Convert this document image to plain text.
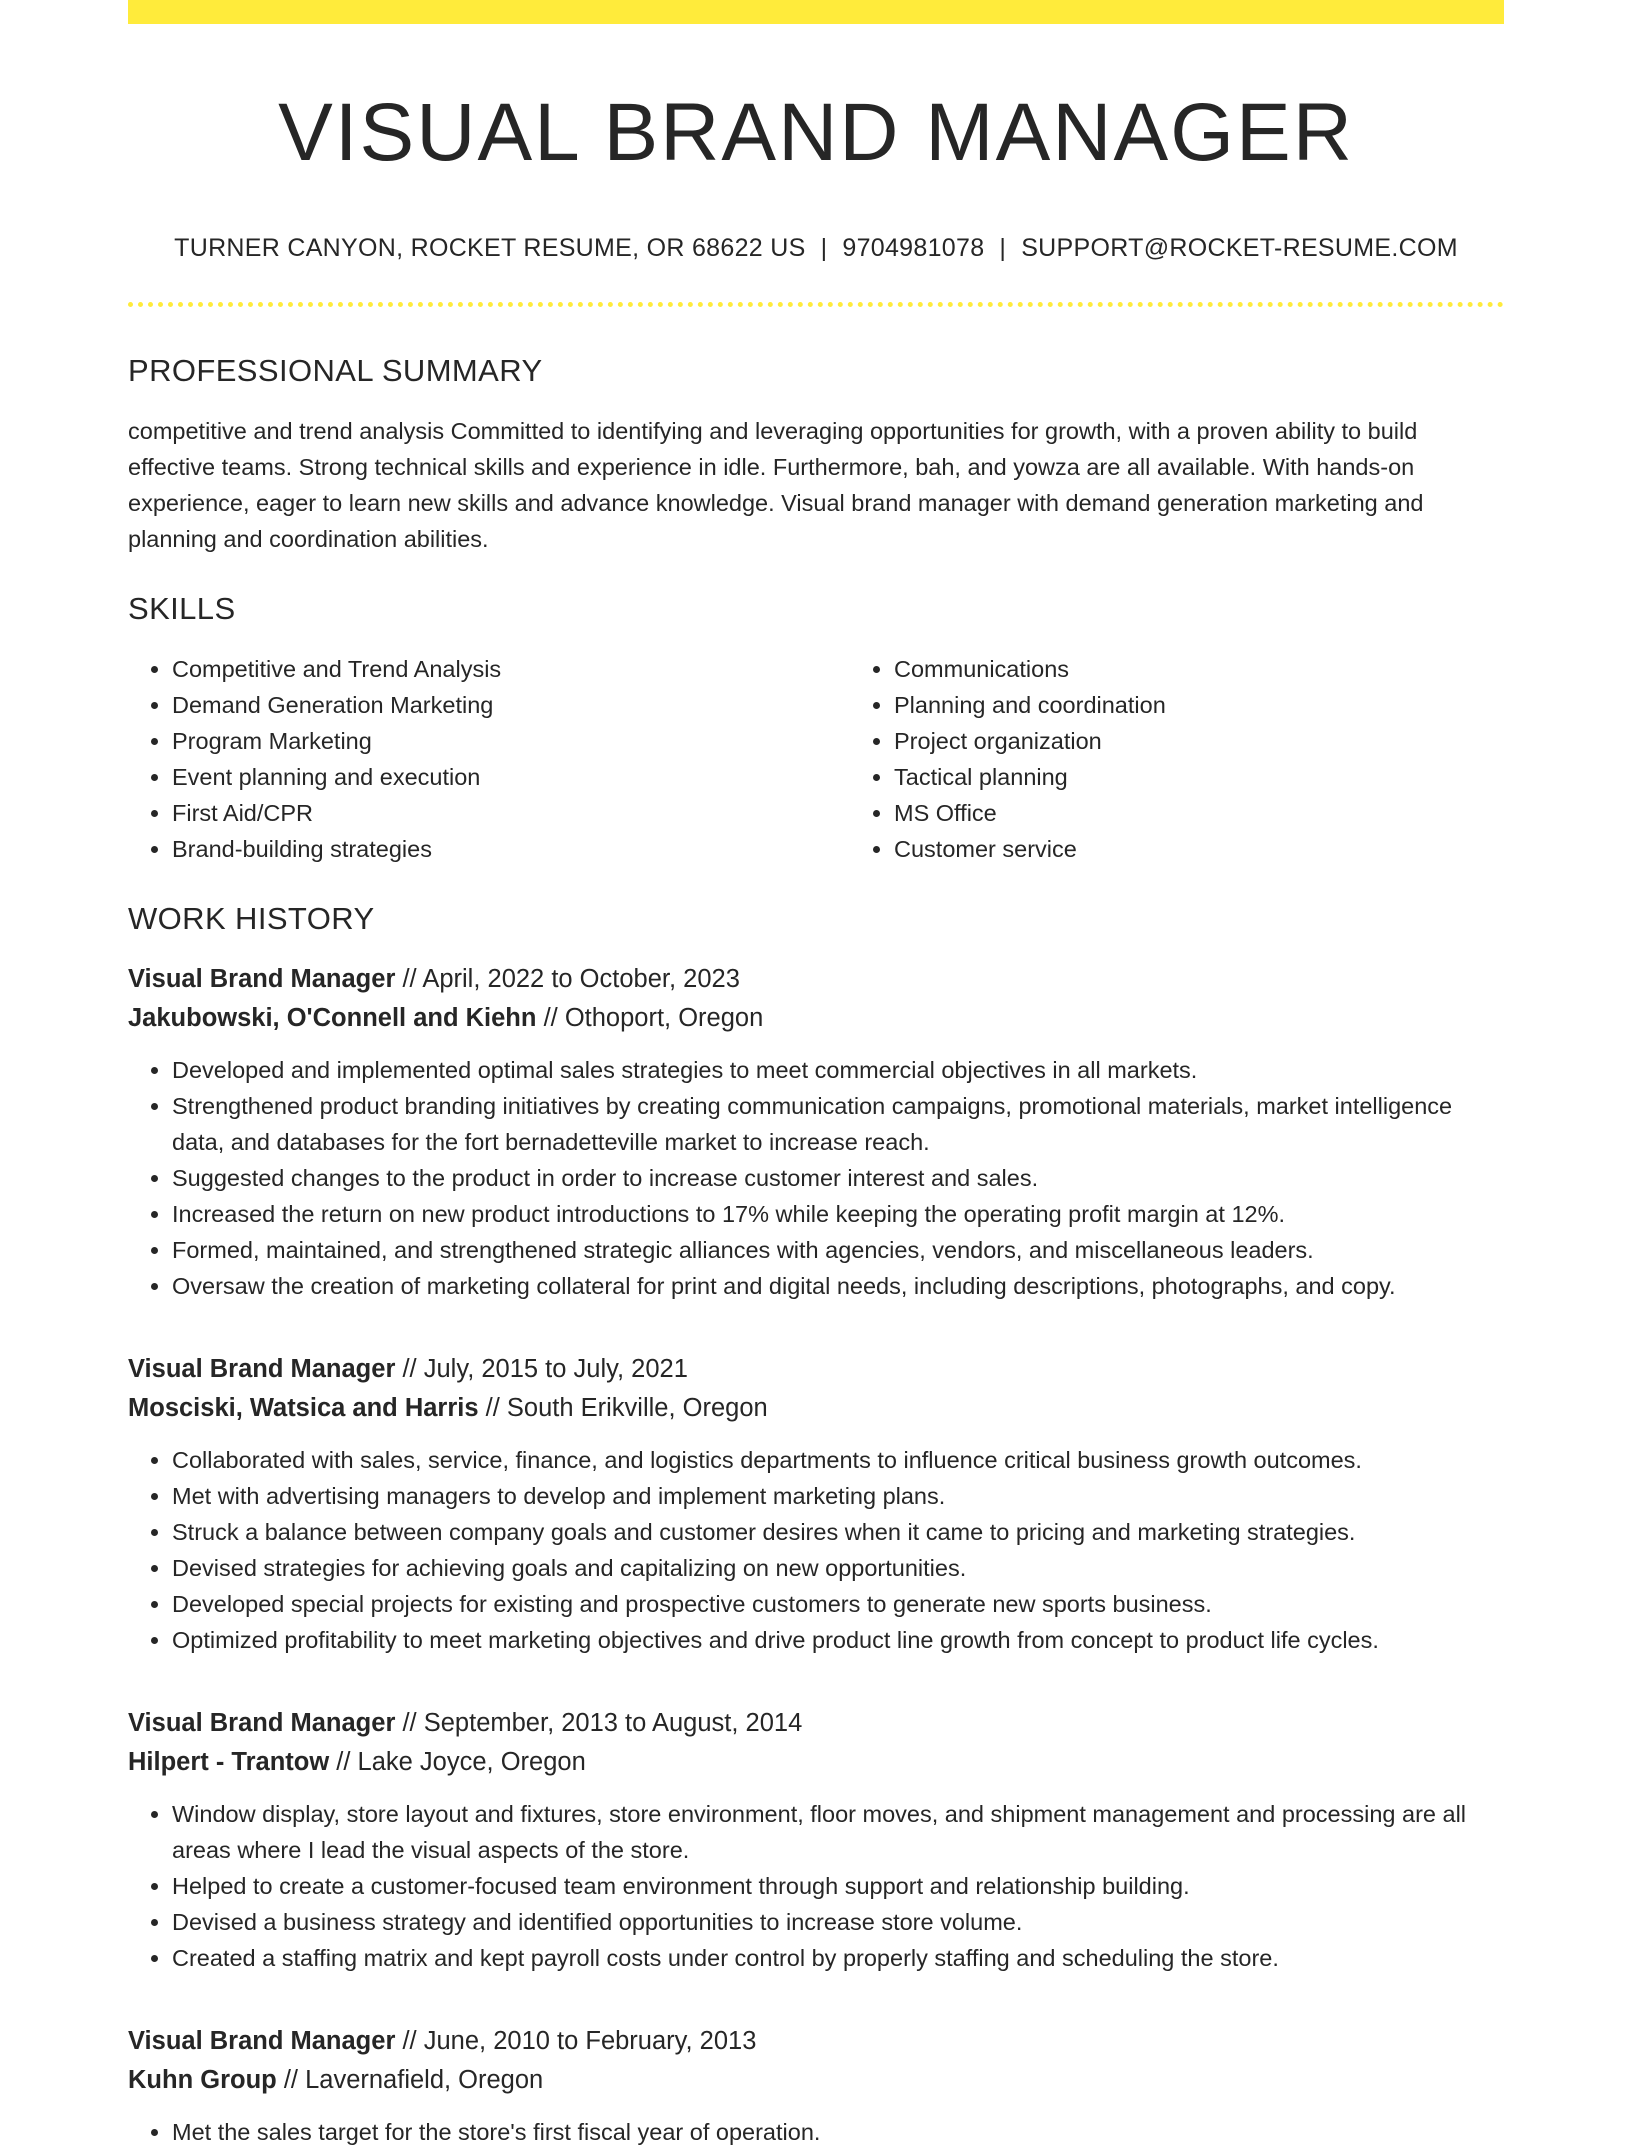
VISUAL BRAND MANAGER
TURNER CANYON, ROCKET RESUME, OR 68622 US | 9704981078 | SUPPORT@ROCKET-RESUME.COM
PROFESSIONAL SUMMARY

competitive and trend analysis Committed to identifying and leveraging opportunities for growth, with a proven ability to build effective teams. Strong technical skills and experience in idle. Furthermore, bah, and yowza are all available. With hands-on experience, eager to learn new skills and advance knowledge. Visual brand manager with demand generation marketing and planning and coordination abilities.

SKILLS
• Competitive and Trend Analysis
• Demand Generation Marketing
• Program Marketing
• Event planning and execution
• First Aid/CPR
• Brand-building strategies
• Communications
• Planning and coordination
• Project organization
• Tactical planning
• MS Office
• Customer service
WORK HISTORY
Visual Brand Manager // April, 2022 to October, 2023
Jakubowski, O'Connell and Kiehn // Othoport, Oregon
• Developed and implemented optimal sales strategies to meet commercial objectives in all markets.
• Strengthened product branding initiatives by creating communication campaigns, promotional materials, market intelligence data, and databases for the fort bernadetteville market to increase reach.
• Suggested changes to the product in order to increase customer interest and sales.
• Increased the return on new product introductions to 17% while keeping the operating profit margin at 12%.
• Formed, maintained, and strengthened strategic alliances with agencies, vendors, and miscellaneous leaders.
• Oversaw the creation of marketing collateral for print and digital needs, including descriptions, photographs, and copy.
Visual Brand Manager // July, 2015 to July, 2021
Mosciski, Watsica and Harris // South Erikville, Oregon
• Collaborated with sales, service, finance, and logistics departments to influence critical business growth outcomes.
• Met with advertising managers to develop and implement marketing plans.
• Struck a balance between company goals and customer desires when it came to pricing and marketing strategies.
• Devised strategies for achieving goals and capitalizing on new opportunities.
• Developed special projects for existing and prospective customers to generate new sports business.
• Optimized profitability to meet marketing objectives and drive product line growth from concept to product life cycles.
Visual Brand Manager // September, 2013 to August, 2014
Hilpert - Trantow // Lake Joyce, Oregon
• Window display, store layout and fixtures, store environment, floor moves, and shipment management and processing are all areas where I lead the visual aspects of the store.
• Helped to create a customer-focused team environment through support and relationship building.
• Devised a business strategy and identified opportunities to increase store volume.
• Created a staffing matrix and kept payroll costs under control by properly staffing and scheduling the store.
Visual Brand Manager // June, 2010 to February, 2013
Kuhn Group // Lavernafield, Oregon
• Met the sales target for the store's first fiscal year of operation.
